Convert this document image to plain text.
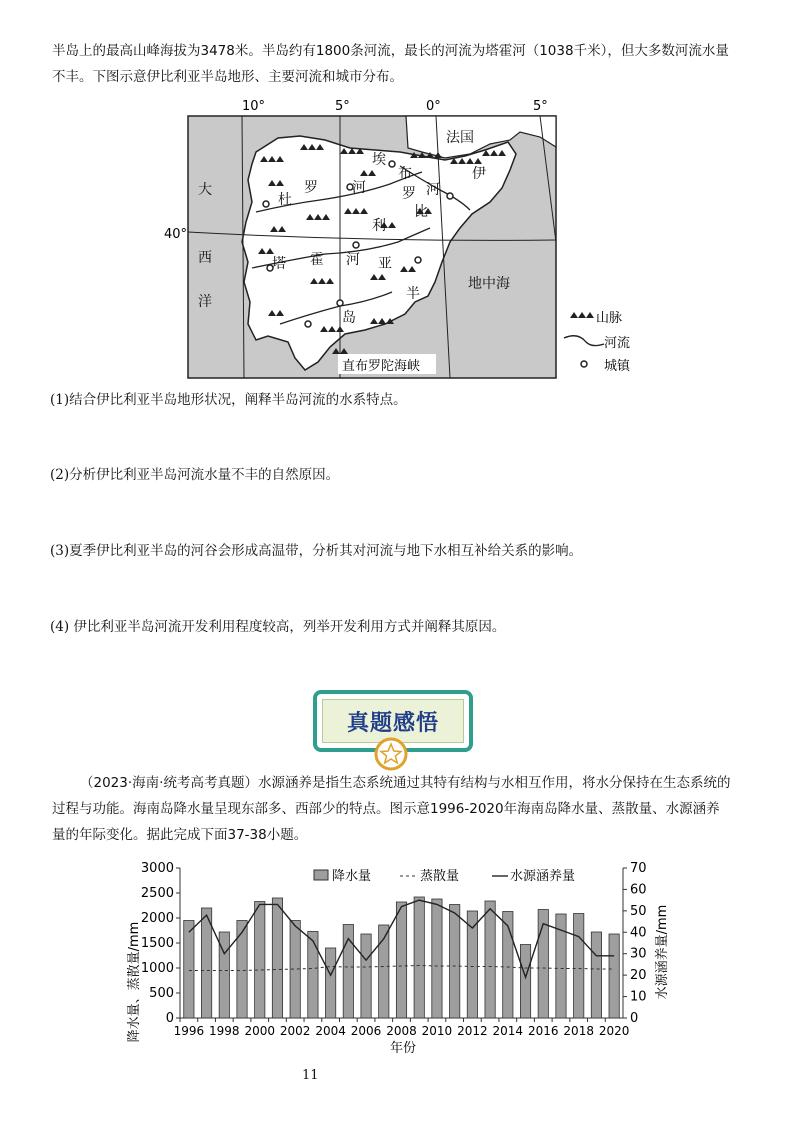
半岛上的最高山峰海拔为3478米。半岛约有1800条河流，最长的河流为塔霍河（1038千米），但大多数河流水量
不丰。下图示意伊比利亚半岛地形、主要河流和城市分布。
10°	5°	0°	5°
40°
大
西
洋
法国
地中海
伊
比
利
亚
半
岛
埃
布
罗 河
杜
罗 河
塔 霍 河
直布罗陀海峡
山脉
河流
城镇
(1)结合伊比利亚半岛地形状况，阐释半岛河流的水系特点。
(2)分析伊比利亚半岛河流水量不丰的自然原因。
(3)夏季伊比利亚半岛的河谷会形成高温带，分析其对河流与地下水相互补给关系的影响。
(4) 伊比利亚半岛河流开发利用程度较高，列举开发利用方式并阐释其原因。
真题感悟
（2023·海南·统考高考真题）水源涵养是指生态系统通过其特有结构与水相互作用，将水分保持在生态系统的
过程与功能。海南岛降水量呈现东部多、西部少的特点。图示意1996-2020年海南岛降水量、蒸散量、水源涵养
量的年际变化。据此完成下面37-38小题。
降水量、蒸散量/mm	水源涵养量/mm
年份
降水量	蒸散量	水源涵养量
0
500
1000
1500
2000
2500
3000
0
10
20
30
40
50
60
70
1996 1998 2000 2002 2004 2006 2008 2010 2012 2014 2016 2018 2020
11
